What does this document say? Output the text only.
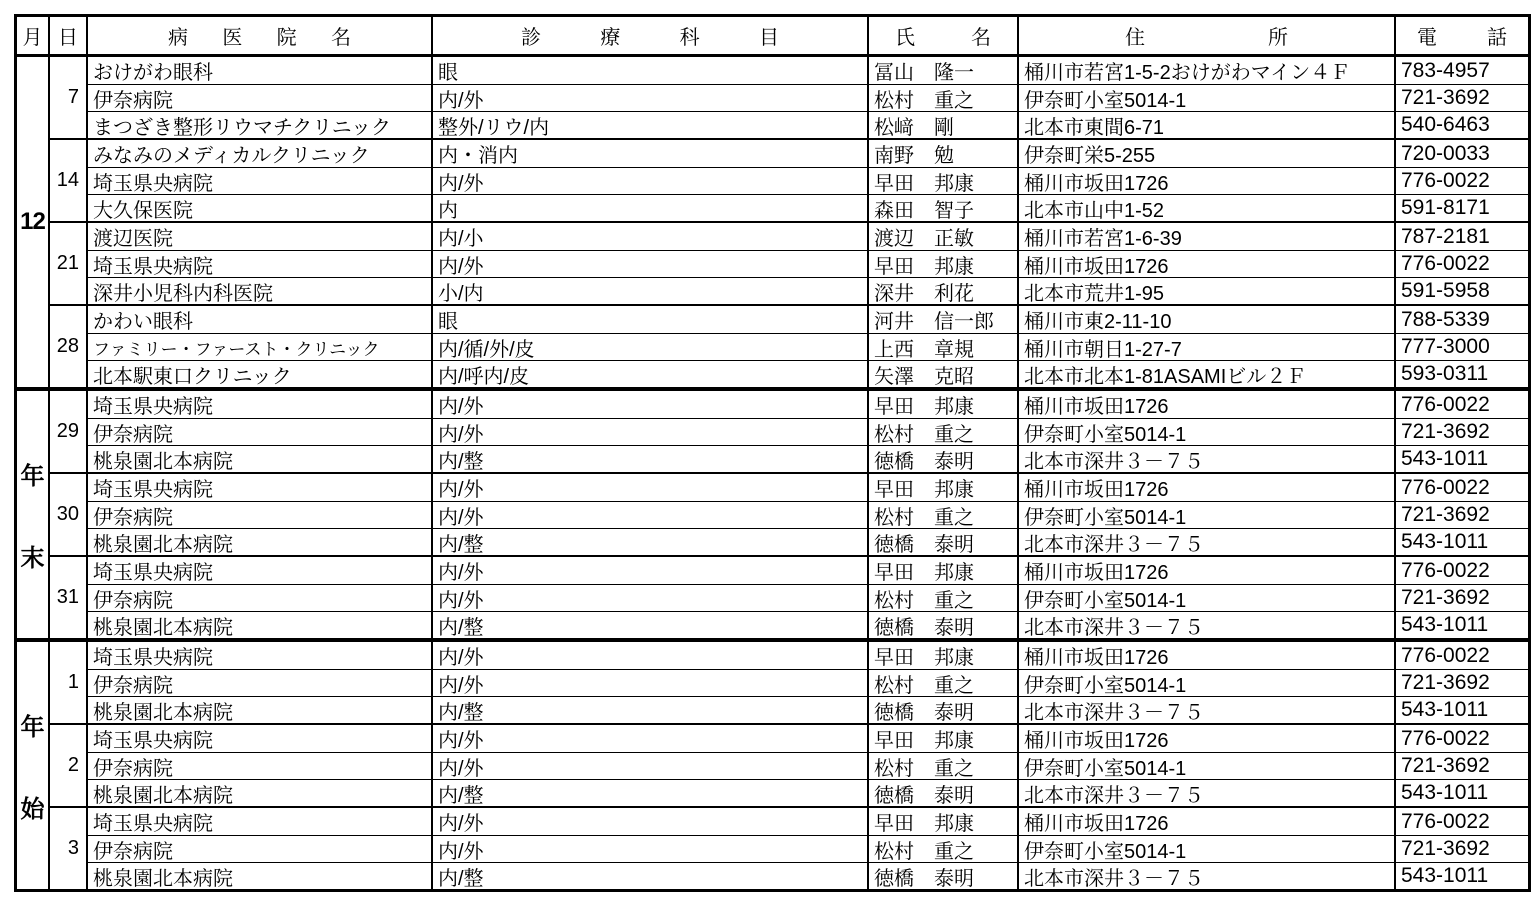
月 日	病 医 院 名	診	療	科	目	氏	名	住	所	電	話
12
7
おけがわ眼科	眼	冨山　隆一	桶川市若宮1-5-2おけがわマイン４Ｆ	783-4957
伊奈病院	内/外	松村　重之	伊奈町小室5014-1	721-3692
まつざき整形リウマチクリニック	整外/リウ/内	松﨑　剛	北本市東間6-71	540-6463
14
みなみのメディカルクリニック	内・消内	南野　勉	伊奈町栄5-255	720-0033
埼玉県央病院	内/外	早田　邦康	桶川市坂田1726	776-0022
大久保医院	内	森田　智子	北本市山中1-52	591-8171
21
渡辺医院	内/小	渡辺　正敏	桶川市若宮1-6-39	787-2181
埼玉県央病院	内/外	早田　邦康	桶川市坂田1726	776-0022
深井小児科内科医院	小/内	深井　利花	北本市荒井1-95	591-5958
28
かわい眼科	眼	河井　信一郎	桶川市東2-11-10	788-5339
ファミリー・ファースト・クリニック	内/循/外/皮	上西　章規	桶川市朝日1-27-7	777-3000
北本駅東口クリニック	内/呼内/皮	矢澤　克昭	北本市北本1-81ASAMIビル２Ｆ	593-0311
年
末
29
埼玉県央病院	内/外	早田　邦康	桶川市坂田1726	776-0022
伊奈病院	内/外	松村　重之	伊奈町小室5014-1	721-3692
桃泉園北本病院	内/整	徳橋　泰明	北本市深井３－７５	543-1011
30
埼玉県央病院	内/外	早田　邦康	桶川市坂田1726	776-0022
伊奈病院	内/外	松村　重之	伊奈町小室5014-1	721-3692
桃泉園北本病院	内/整	徳橋　泰明	北本市深井３－７５	543-1011
31
埼玉県央病院	内/外	早田　邦康	桶川市坂田1726	776-0022
伊奈病院	内/外	松村　重之	伊奈町小室5014-1	721-3692
桃泉園北本病院	内/整	徳橋　泰明	北本市深井３－７５	543-1011
年
始
1
埼玉県央病院	内/外	早田　邦康	桶川市坂田1726	776-0022
伊奈病院	内/外	松村　重之	伊奈町小室5014-1	721-3692
桃泉園北本病院	内/整	徳橋　泰明	北本市深井３－７５	543-1011
2
埼玉県央病院	内/外	早田　邦康	桶川市坂田1726	776-0022
伊奈病院	内/外	松村　重之	伊奈町小室5014-1	721-3692
桃泉園北本病院	内/整	徳橋　泰明	北本市深井３－７５	543-1011
3
埼玉県央病院	内/外	早田　邦康	桶川市坂田1726	776-0022
伊奈病院	内/外	松村　重之	伊奈町小室5014-1	721-3692
桃泉園北本病院	内/整	徳橋　泰明	北本市深井３－７５	543-1011
